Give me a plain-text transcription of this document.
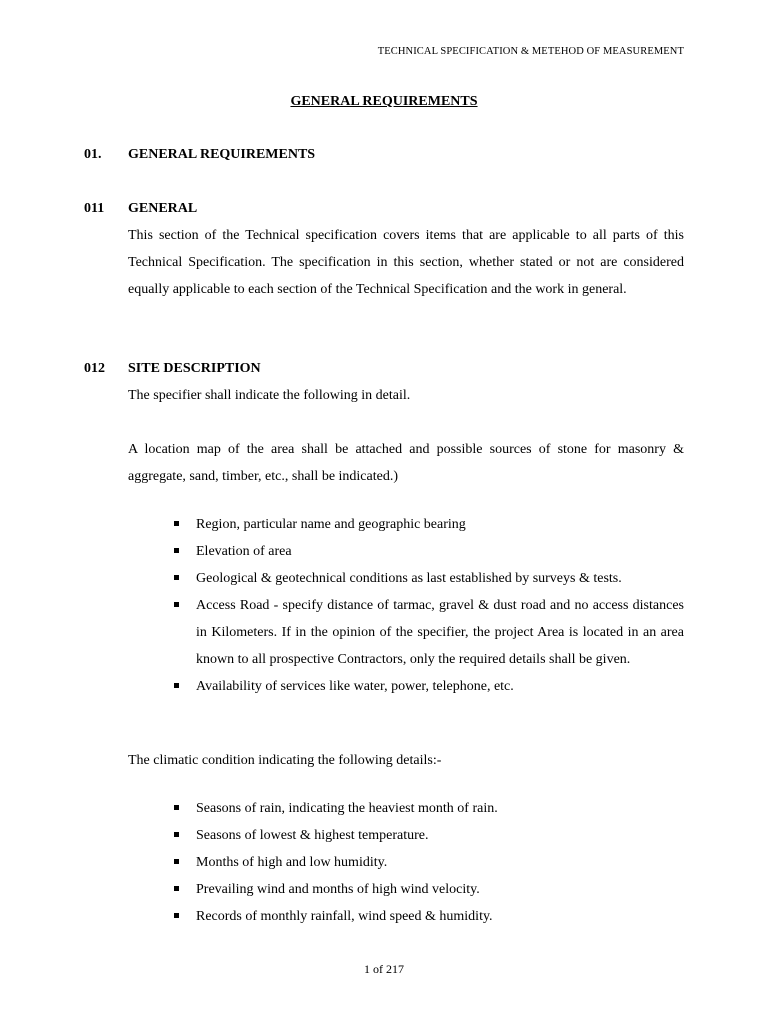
TECHNICAL SPECIFICATION & METEHOD OF MEASUREMENT
GENERAL REQUIREMENTS
01. GENERAL REQUIREMENTS
011 GENERAL

This section of the Technical specification covers items that are applicable to all parts of this Technical Specification. The specification in this section, whether stated or not are considered equally applicable to each section of the Technical Specification and the work in general.

012 SITE DESCRIPTION

The specifier shall indicate the following in detail.

A location map of the area shall be attached and possible sources of stone for masonry & aggregate, sand, timber, etc., shall be indicated.)

Region, particular name and geographic bearing
Elevation of area
Geological & geotechnical conditions as last established by surveys & tests.
Access Road - specify distance of tarmac, gravel & dust road and no access distances in Kilometers. If in the opinion of the specifier, the project Area is located in an area known to all prospective Contractors, only the required details shall be given.
Availability of services like water, power, telephone, etc.

The climatic condition indicating the following details:-

Seasons of rain, indicating the heaviest month of rain.
Seasons of lowest & highest temperature.
Months of high and low humidity.
Prevailing wind and months of high wind velocity.
Records of monthly rainfall, wind speed & humidity.
1 of 217
